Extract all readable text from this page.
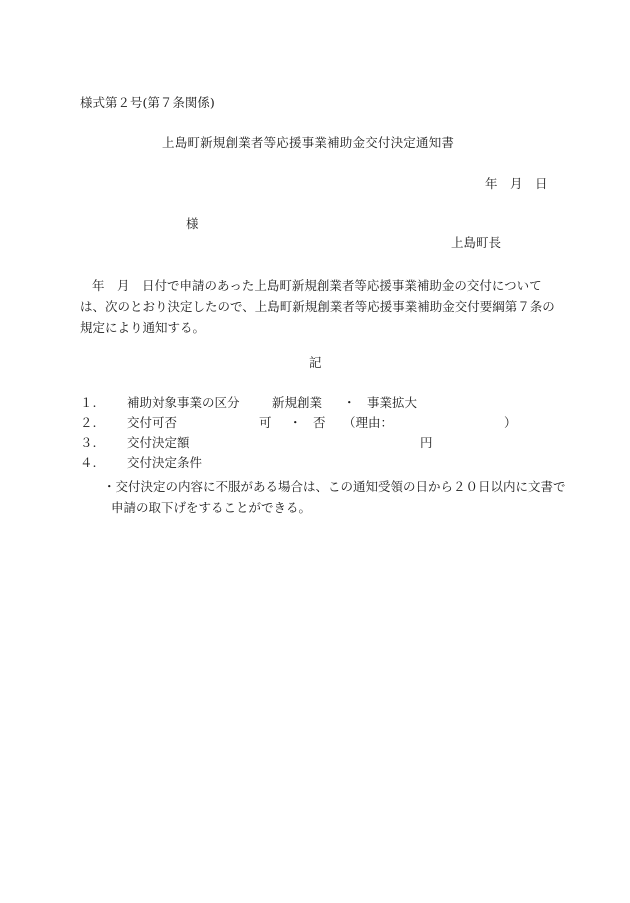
様式第２号(第７条関係)
上島町新規創業者等応援事業補助金交付決定通知書
年　月　日
様
上島町長
年　月　日付で申請のあった上島町新規創業者等応援事業補助金の交付については、次のとおり決定したので、上島町新規創業者等応援事業補助金交付要綱第７条の規定により通知する。
記
１. 補助対象事業の区分	新規創業 ・ 事業拡大
２. 交付可否	可 ・ 否 （理由：	）
３. 交付決定額	円
４. 交付決定条件
・交付決定の内容に不服がある場合は、この通知受領の日から２０日以内に文書で申請の取下げをすることができる。
